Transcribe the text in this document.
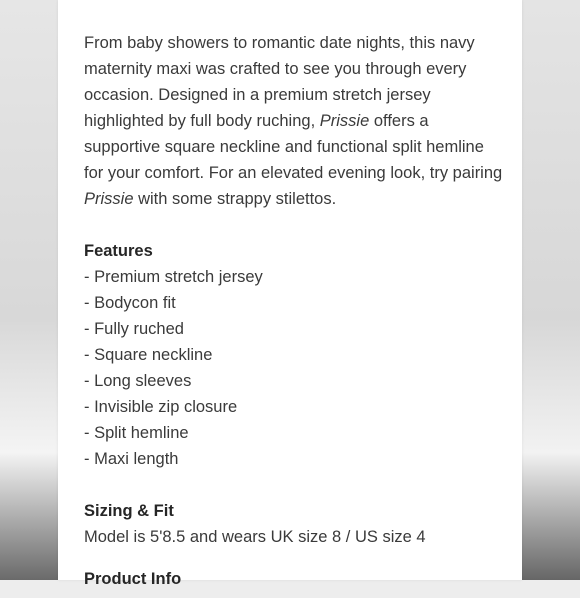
From baby showers to romantic date nights, this navy maternity maxi was crafted to see you through every occasion. Designed in a premium stretch jersey highlighted by full body ruching, Prissie offers a supportive square neckline and functional split hemline for your comfort. For an elevated evening look, try pairing Prissie with some strappy stilettos.

Features
- Premium stretch jersey
- Bodycon fit
- Fully ruched
- Square neckline
- Long sleeves
- Invisible zip closure
- Split hemline
- Maxi length
Sizing & Fit

Model is 5'8.5 and wears UK size 8 / US size 4

Product Info
